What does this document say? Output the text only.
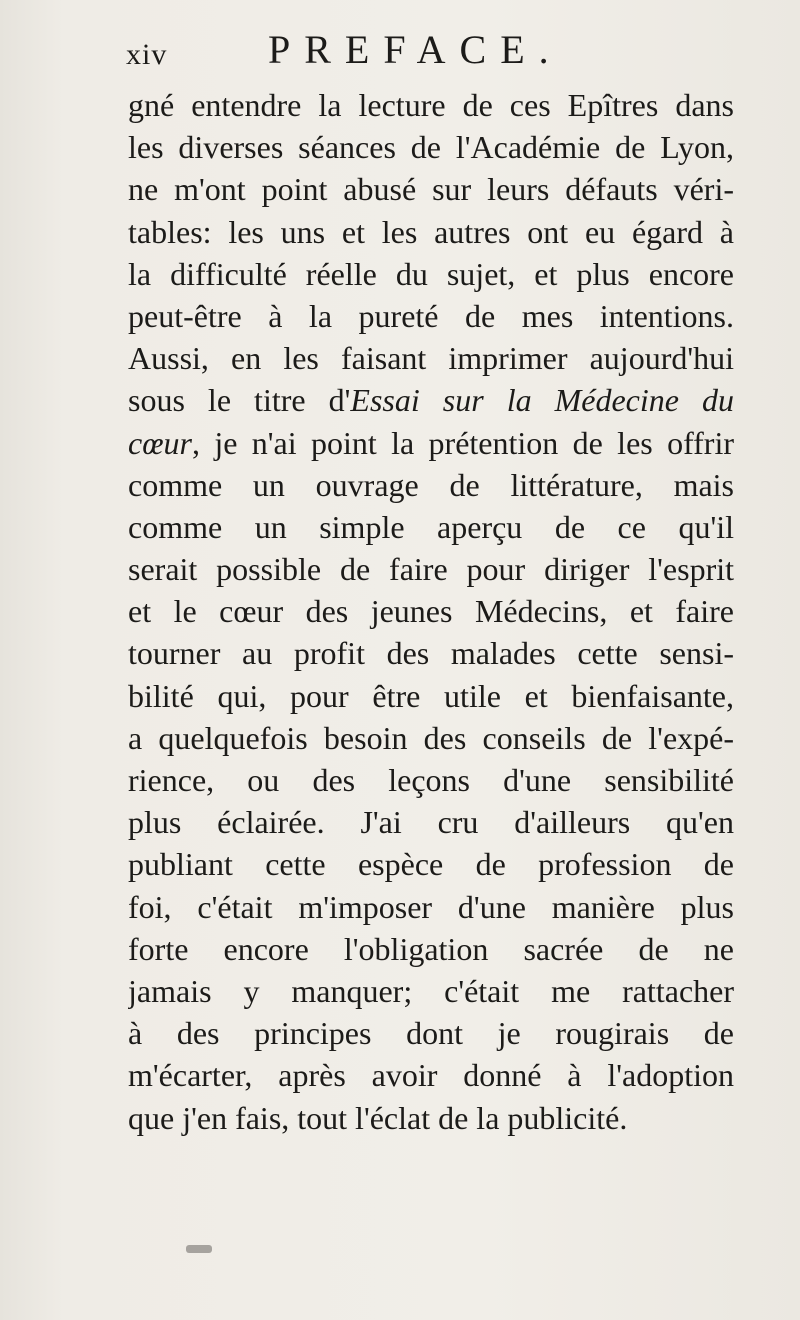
xiv	PREFACE.
gné entendre la lecture de ces Epîtres dans
les diverses séances de l'Académie de Lyon,
ne m'ont point abusé sur leurs défauts véri-
tables: les uns et les autres ont eu égard à
la difficulté réelle du sujet, et plus encore
peut-être à la pureté de mes intentions.
Aussi, en les faisant imprimer aujourd'hui
sous le titre d'Essai sur la Médecine du
cœur, je n'ai point la prétention de les offrir
comme un ouvrage de littérature, mais
comme un simple aperçu de ce qu'il
serait possible de faire pour diriger l'esprit
et le cœur des jeunes Médecins, et faire
tourner au profit des malades cette sensi-
bilité qui, pour être utile et bienfaisante,
a quelquefois besoin des conseils de l'expé-
rience, ou des leçons d'une sensibilité
plus éclairée. J'ai cru d'ailleurs qu'en
publiant cette espèce de profession de
foi, c'était m'imposer d'une manière plus
forte encore l'obligation sacrée de ne
jamais y manquer; c'était me rattacher
à des principes dont je rougirais de
m'écarter, après avoir donné à l'adoption
que j'en fais, tout l'éclat de la publicité.
